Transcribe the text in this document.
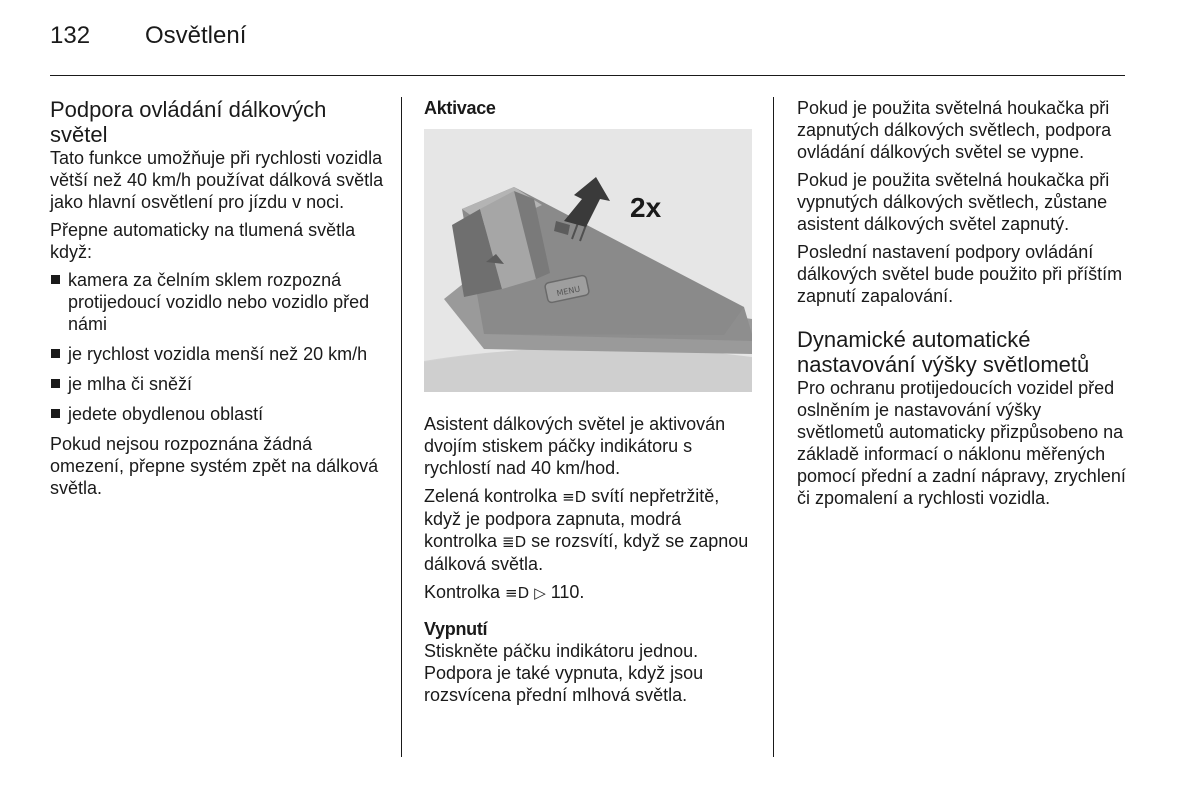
132 Osvětlení
Podpora ovládání dálkových světel

Tato funkce umožňuje při rychlosti vozidla větší než 40 km/h používat dálková světla jako hlavní osvětlení pro jízdu v noci.

Přepne automaticky na tlumená světla když:

kamera za čelním sklem rozpozná protijedoucí vozidlo nebo vozidlo před námi
je rychlost vozidla menší než 20 km/h
je mlha či sněží
jedete obydlenou oblastí

Pokud nejsou rozpoznána žádná omezení, přepne systém zpět na dálková světla.

Aktivace
MENU
2x

Asistent dálkových světel je aktivován dvojím stiskem páčky indikátoru s rychlostí nad 40 km/hod.

Zelená kontrolka ≡D svítí nepřetržitě, když je podpora zapnuta, modrá kontrolka ≣D se rozsvítí, když se zapnou dálková světla.

Kontrolka ≡D ▷ 110.

Vypnutí

Stiskněte páčku indikátoru jednou. Podpora je také vypnuta, když jsou rozsvícena přední mlhová světla.

Pokud je použita světelná houkačka při zapnutých dálkových světlech, podpora ovládání dálkových světel se vypne.

Pokud je použita světelná houkačka při vypnutých dálkových světlech, zůstane asistent dálkových světel zapnutý.

Poslední nastavení podpory ovládání dálkových světel bude použito při příštím zapnutí zapalování.

Dynamické automatické nastavování výšky světlometů

Pro ochranu protijedoucích vozidel před oslněním je nastavování výšky světlometů automaticky přizpůsobeno na základě informací o náklonu měřených pomocí přední a zadní nápravy, zrychlení či zpomalení a rychlosti vozidla.
